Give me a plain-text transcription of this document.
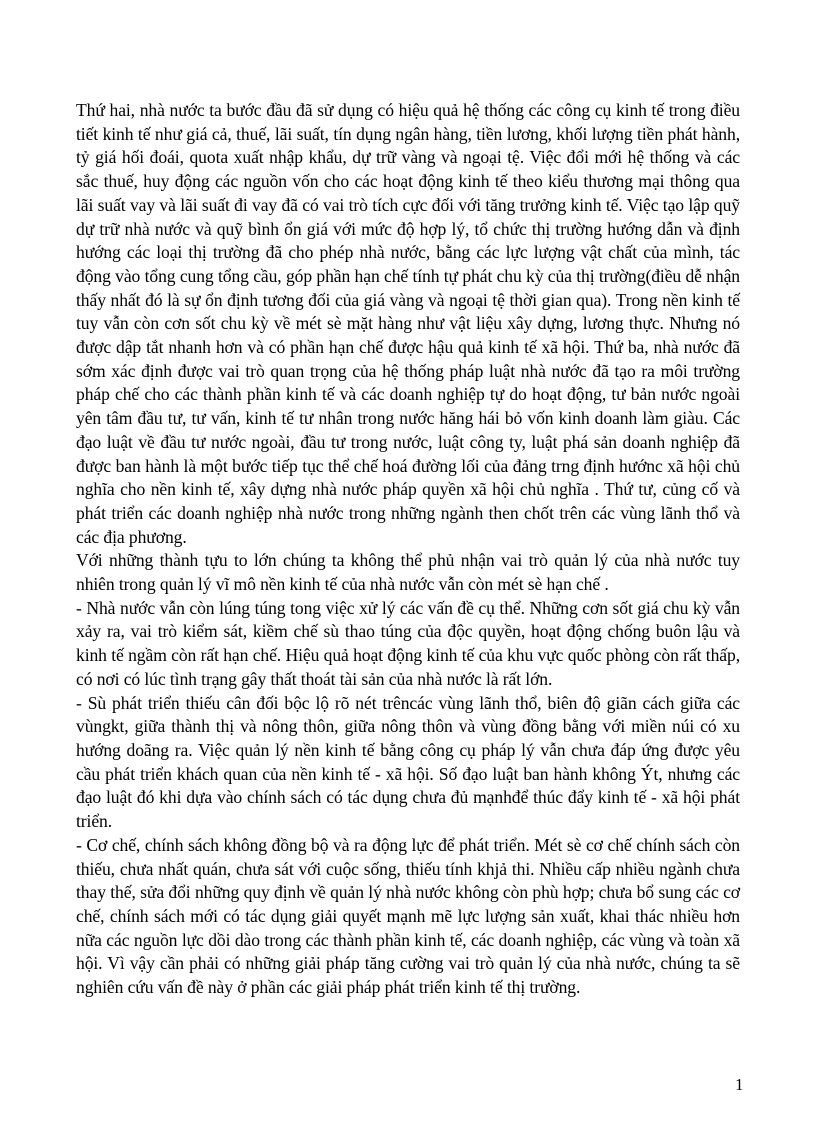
Thứ hai, nhà nước ta bước đầu đã sử dụng có hiệu quả hệ thống các công cụ kinh tế trong điều tiết kinh tế như giá cả, thuế, lãi suất, tín dụng ngân hàng, tiền lương, khối lượng tiền phát hành, tỷ giá hối đoái, quota xuất nhập khẩu, dự trữ vàng và ngoại tệ. Việc đổi mới hệ thống và các sắc thuế, huy động các nguồn vốn cho các hoạt động kinh tế theo kiểu thương mại thông qua lãi suất vay và lãi suất đi vay đã có vai trò tích cực đối với tăng trưởng kinh tế. Việc tạo lập quỹ dự trữ nhà nước và quỹ bình ổn giá với mức độ hợp lý, tổ chức thị trường hướng dẫn và định hướng các loại thị trường đã cho phép nhà nước, bằng các lực lượng vật chất của mình, tác động vào tổng cung tổng cầu, góp phần hạn chế tính tự phát chu kỳ của thị trường(điều dễ nhận thấy nhất đó là sự ổn định tương đối của giá vàng và ngoại tệ thời gian qua). Trong nền kinh tế tuy vẫn còn cơn sốt chu kỳ về mét sè mặt hàng như vật liệu xây dựng, lương thực. Nhưng nó được dập tắt nhanh hơn và có phần hạn chế được hậu quả kinh tế xã hội. Thứ ba, nhà nước đã sớm xác định được vai trò quan trọng của hệ thống pháp luật nhà nước đã tạo ra môi trường pháp chế cho các thành phần kinh tế và các doanh nghiệp tự do hoạt động, tư bản nước ngoài yên tâm đầu tư, tư vấn, kinh tế tư nhân trong nước hăng hái bỏ vốn kinh doanh làm giàu. Các đạo luật về đầu tư nước ngoài, đầu tư trong nước, luật công ty, luật phá sản doanh nghiệp đã được ban hành là một bước tiếp tục thể chế hoá đường lối của đảng trng định hướnc xã hội chủ nghĩa cho nền kinh tế, xây dựng nhà nước pháp quyền xã hội chủ nghĩa . Thứ tư, củng cố và phát triển các doanh nghiệp nhà nước trong những ngành then chốt trên các vùng lãnh thổ và các địa phương.

Với những thành tựu to lớn chúng ta không thể phủ nhận vai trò quản lý của nhà nước tuy nhiên trong quản lý vĩ mô nền kinh tế của nhà nước vẫn còn mét sè hạn chế .

- Nhà nước vẫn còn lúng túng tong việc xử lý các vấn đề cụ thể. Những cơn sốt giá chu kỳ vẫn xảy ra, vai trò kiểm sát, kiềm chế sù thao túng của độc quyền, hoạt động chống buôn lậu và kinh tế ngầm còn rất hạn chế. Hiệu quả hoạt động kinh tế của khu vực quốc phòng còn rất thấp, có nơi có lúc tình trạng gây thất thoát tài sản của nhà nước là rất lớn.

- Sù phát triển thiếu cân đối bộc lộ rõ nét trêncác vùng lãnh thổ, biên độ giãn cách giữa các vùngkt, giữa thành thị và nông thôn, giữa nông thôn và vùng đồng bằng với miền núi có xu hướng doãng ra. Việc quản lý nền kinh tế bằng công cụ pháp lý vẫn chưa đáp ứng được yêu cầu phát triển khách quan của nền kinh tế - xã hội. Số đạo luật ban hành không Ýt, nhưng các đạo luật đó khi dựa vào chính sách có tác dụng chưa đủ mạnhđể thúc đẩy kinh tế - xã hội phát triển.

- Cơ chế, chính sách không đồng bộ và ra động lực để phát triển. Mét sè cơ chế chính sách còn thiếu, chưa nhất quán, chưa sát với cuộc sống, thiếu tính khjả thi. Nhiều cấp nhiều ngành chưa thay thế, sửa đổi những quy định về quản lý nhà nước không còn phù hợp; chưa bổ sung các cơ chế, chính sách mới có tác dụng giải quyết mạnh mẽ lực lượng sản xuất, khai thác nhiều hơn nữa các nguồn lực dồi dào trong các thành phần kinh tế, các doanh nghiệp, các vùng và toàn xã hội. Vì vậy cần phải có những giải pháp tăng cường vai trò quản lý của nhà nước, chúng ta sẽ nghiên cứu vấn đề này ở phần các giải pháp phát triển kinh tế thị trường.

1
